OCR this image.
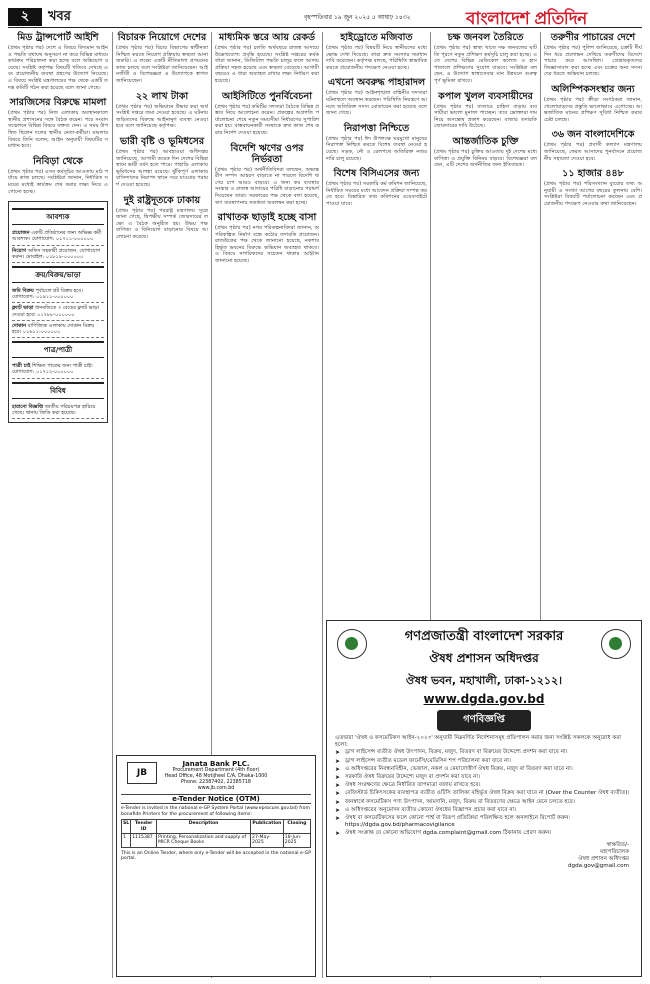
২	খবর	বৃহস্পতিবার ১৯ জুন ২০২৫ ৫ আষাঢ় ১৪৩২	বাংলাদেশ প্রতিদিন
মিড ট্রান্সপোর্ট আইশি
(প্রথম পৃষ্ঠার পর) দেশে এ বিষয়ে বিদ্যমান আইন ও পদ্ধতি যথাযথ অনুসরণ না করে বিভিন্ন মাধ্যমে কার্যক্রম পরিচালনা করা হচ্ছে বলে অভিযোগ রয়েছে। সংশ্লিষ্ট কর্তৃপক্ষ বিষয়টি খতিয়ে দেখছে এবং প্রয়োজনীয় ব্যবস্থা গ্রহণের উদ্যোগ নিয়েছে। এ বিষয়ে সংশ্লিষ্ট মন্ত্রণালয়ের পক্ষ থেকে একটি তদন্ত কমিটি গঠন করা হয়েছে বলে জানা গেছে।
সারজিসের বিরুদ্ধে মামলা
(প্রথম পৃষ্ঠার পর) নিজ এলাকায় অবস্থানকালে স্থানীয় প্রশাসনের সঙ্গে বৈঠক করেন। পরে সংবাদ সম্মেলনে বিভিন্ন বিষয়ে বক্তব্য দেন। এ সময় উপস্থিত ছিলেন দলের স্থানীয় নেতা-কর্মীরা। মামলার বিষয়ে তিনি বলেন, আইন অনুযায়ী বিষয়টির সমাধান হবে।
নিবিড়া থেকে
(প্রথম পৃষ্ঠার পর) এসব কর্মসূচির আওতায় মাঠ পর্যায়ে কাজ চলছে। সংশ্লিষ্টরা জানান, নির্ধারিত সময়ের মধ্যেই কার্যক্রম শেষ করার লক্ষ্য নিয়ে এগোনো হচ্ছে।
আবশ্যক
প্রয়োজন একটি প্রতিষ্ঠানের জন্য অভিজ্ঞ কর্মী আবশ্যক। যোগাযোগ: ০১৭১১-০০০০০০
নিয়োগ অফিস সহকারী প্রয়োজন, যোগাযোগ করুন। মোবাইল: ০১৮১৯-০০০০০০
ক্রয়/বিক্রয়/ভাড়া
জমি বিক্রয় পূর্বাচলে প্লট বিক্রয় হবে। যোগাযোগ: ০১৯১১-০০০০০০
ফ্ল্যাট ভাড়া ধানমন্ডিতে ৩ বেডের ফ্ল্যাট ভাড়া দেওয়া হবে। ০১৭৮৮-০০০০০০
দোকান বাণিজ্যিক এলাকায় দোকান বিক্রয় হবে। ০১৬১১-০০০০০০
পাত্র/পাত্রী
পাত্রী চাই শিক্ষিত পাত্রের জন্য পাত্রী চাই। যোগাযোগ: ০১৭১২-০০০০০০
বিবিধ
হারানো বিজ্ঞপ্তি জাতীয় পরিচয়পত্র হারিয়ে গেছে। থানায় জিডি করা হয়েছে।
বিচারক নিয়োগে দেশের
(প্রথম পৃষ্ঠার পর) বিচার বিভাগের স্বাধীনতা নিশ্চিত করতে নিয়োগ প্রক্রিয়ায় স্বচ্ছতা আনা জরুরি। এ লক্ষ্যে একটি নীতিমালা প্রণয়নের কাজ চলছে বলে সংশ্লিষ্টরা জানিয়েছেন। আইনজীবী ও বিশেষজ্ঞরা এ উদ্যোগকে স্বাগত জানিয়েছেন।
২২ লাখ টাকা
(প্রথম পৃষ্ঠার পর) অভিযানে উদ্ধার করা অর্থ সংশ্লিষ্ট দপ্তরে জমা দেওয়া হয়েছে। এ ঘটনায় জড়িতদের বিরুদ্ধে আইনানুগ ব্যবস্থা নেওয়া হবে বলে জানিয়েছে কর্তৃপক্ষ।
ভারী বৃষ্টি ও ভূমিধসের
(প্রথম পৃষ্ঠার পর) আবহাওয়া অধিদপ্তর জানিয়েছে, আগামী কয়েক দিন দেশের বিভিন্ন স্থানে ভারী বর্ষণ হতে পারে। পাহাড়ি এলাকায় ভূমিধসের আশঙ্কা রয়েছে। ঝুঁকিপূর্ণ এলাকার বাসিন্দাদের নিরাপদ স্থানে সরে যাওয়ার পরামর্শ দেওয়া হয়েছে।
দুই রাষ্ট্রদূতকে ঢাকায়
(প্রথম পৃষ্ঠার পর) পররাষ্ট্র মন্ত্রণালয় সূত্রে জানা গেছে, দ্বিপক্ষীয় সম্পর্ক জোরদারের লক্ষ্যে এ বৈঠক অনুষ্ঠিত হয়। উভয় পক্ষ বাণিজ্য ও বিনিয়োগ বাড়ানোর বিষয়ে আলোচনা করেছে।
মাধ্যমিক স্তরে আয় রেকর্ড
(প্রথম পৃষ্ঠার পর) চলতি অর্থবছরে রাজস্ব আদায়ে উল্লেখযোগ্য প্রবৃদ্ধি হয়েছে। সংশ্লিষ্ট দপ্তরের কর্মকর্তারা জানান, ডিজিটাল পদ্ধতি চালুর ফলে আদায় প্রক্রিয়া সহজ হয়েছে এবং স্বচ্ছতা বেড়েছে। আগামী বছরেও এ ধারা অব্যাহত রাখার লক্ষ্য নির্ধারণ করা হয়েছে।
আইসিটিতে পুনর্বিবেচনা
(প্রথম পৃষ্ঠার পর) কমিটির সদস্যরা বৈঠকে বিভিন্ন প্রস্তাব নিয়ে আলোচনা করেন। প্রকল্পের অগ্রগতি পর্যালোচনা শেষে নতুন সময়সীমা নির্ধারণের সুপারিশ করা হয়। বাস্তবায়নকারী সংস্থাকে দ্রুত কাজ শেষ করার নির্দেশ দেওয়া হয়েছে।
বিদেশি ঋণের ওপর নির্ভরতা
(প্রথম পৃষ্ঠার পর) অর্থনীতিবিদরা বলছেন, অভ্যন্তরীণ সম্পদ আহরণ বাড়াতে না পারলে বিদেশি ঋণের চাপ আরও বাড়বে। এ জন্য কর ব্যবস্থার সংস্কার ও রাজস্ব আদায়ের পরিধি বাড়ানোর পরামর্শ দিয়েছেন তারা। সরকারের পক্ষ থেকে বলা হয়েছে, ঋণ ব্যবস্থাপনায় সতর্কতা অবলম্বন করা হচ্ছে।
রাখাতক ছাড়াই হচ্ছে বাসা
(প্রথম পৃষ্ঠার পর) নগর পরিকল্পনাবিদরা জানান, অপরিকল্পিত নির্মাণ বন্ধে কঠোর তদারকি প্রয়োজন। রাজউকের পক্ষ থেকে জানানো হয়েছে, নকশাবহির্ভূত ভবনের বিরুদ্ধে অভিযান অব্যাহত থাকবে। এ বিষয়ে নাগরিকদের সচেতন থাকার আহ্বান জানানো হয়েছে।
হাইড্রোতে মজিবাত
(প্রথম পৃষ্ঠার পর) বিষয়টি নিয়ে স্থানীয়দের মধ্যে ক্ষোভ দেখা দিয়েছে। তারা দ্রুত সমস্যার সমাধান দাবি করেছেন। কর্তৃপক্ষ বলছে, পরিস্থিতি স্বাভাবিক করতে প্রয়োজনীয় পদক্ষেপ নেওয়া হচ্ছে।
এখনো অবরুদ্ধ পাহারাদল
(প্রথম পৃষ্ঠার পর) আইনশৃঙ্খলা বাহিনীর সদস্যরা ঘটনাস্থলে অবস্থান করছেন। পরিস্থিতি নিয়ন্ত্রণে আনতে অতিরিক্ত সদস্য মোতায়েন করা হয়েছে বলে জানা গেছে।
নিরাপত্তা নিশ্চিতে
(প্রথম পৃষ্ঠার পর) ঈদ উপলক্ষে ঘরমুখো মানুষের নিরাপত্তা নিশ্চিত করতে বিশেষ ব্যবস্থা নেওয়া হয়েছে। সড়ক, নৌ ও রেলপথে অতিরিক্ত নজরদারি চালু রয়েছে।
বিশেষ বিসিএসের জন্য
(প্রথম পৃষ্ঠার পর) সরকারি কর্ম কমিশন জানিয়েছে, নির্ধারিত সময়ের মধ্যে আবেদন প্রক্রিয়া সম্পন্ন করতে হবে। বিস্তারিত তথ্য কমিশনের ওয়েবসাইটে পাওয়া যাবে।
চক্ষ জনবল তৈরিতে
(প্রথম পৃষ্ঠার পর) স্বাস্থ্য খাতে দক্ষ জনবলের ঘাটতি পূরণে নতুন প্রশিক্ষণ কর্মসূচি চালু করা হচ্ছে। এতে দেশের বিভিন্ন মেডিকেল কলেজ ও হাসপাতালে প্রশিক্ষণের সুযোগ বাড়বে। সংশ্লিষ্টরা বলছেন, এ উদ্যোগ স্বাস্থ্যসেবার মান উন্নয়নে গুরুত্বপূর্ণ ভূমিকা রাখবে।
কপাল খুলল ব্যবসায়ীদের
(প্রথম পৃষ্ঠার পর) বাজারে চাহিদা বাড়ায় ব্যবসায়ীরা ভালো মুনাফা পাচ্ছেন। তবে ভোক্তারা দাম নিয়ে অসন্তোষ প্রকাশ করেছেন। বাজার তদারকি জোরদারের দাবি উঠেছে।
আন্তর্জাতিক চুক্তি
(প্রথম পৃষ্ঠার পর) চুক্তির আওতায় দুই দেশের মধ্যে বাণিজ্য ও প্রযুক্তি বিনিময় বাড়বে। বিশেষজ্ঞরা বলছেন, এটি দেশের অর্থনীতির জন্য ইতিবাচক।
তরুণীর পাচারের দেশে
(প্রথম পৃষ্ঠার পর) পুলিশ জানিয়েছে, চক্রটি দীর্ঘদিন ধরে প্রলোভন দেখিয়ে তরুণীদের বিদেশে পাচার করে আসছিল। গ্রেপ্তারকৃতদের জিজ্ঞাসাবাদ করা হচ্ছে এবং চক্রের অন্য সদস্যদের ধরতে অভিযান চলছে।
অলিম্পিকসংস্থার জন্য
(প্রথম পৃষ্ঠার পর) ক্রীড়া সংগঠকরা জানান, খেলোয়াড়দের প্রস্তুতি ভালোভাবে এগোচ্ছে। আন্তর্জাতিক মানের প্রশিক্ষণ সুবিধা নিশ্চিত করার চেষ্টা চলছে।
৩৬ জন বাংলাদেশিকে
(প্রথম পৃষ্ঠার পর) প্রবাসী কল্যাণ মন্ত্রণালয় জানিয়েছে, ফেরত আসাদের পুনর্বাসনে প্রয়োজনীয় সহায়তা দেওয়া হবে।
১১ হাজার ৪৪৮
(প্রথম পৃষ্ঠার পর) পরিসংখ্যান ব্যুরোর তথ্য অনুযায়ী এ সংখ্যা আগের বছরের তুলনায় বেশি। সংশ্লিষ্টরা বিষয়টি পর্যালোচনা করছেন এবং প্রয়োজনীয় পদক্ষেপ নেওয়ার কথা জানিয়েছেন।
JB
Janata Bank PLC.
Procurement Department (4th floor)
Head Office, 48 Motijheel C/A, Dhaka-1000
Phone: 22387402, 22385718
www.jb.com.bd
e-Tender Notice (OTM)
e-Tender is invited in the national e-GP System Portal (www.eprocure.gov.bd) from bonafide Printers for the procurement of following items:
SL	Tender ID	Description	Publication	Closing
1	1115387	Printing, Personalization and supply of MICR Cheque Books	27-May-2025	18-Jun-2025
This is an Online Tender, where only e-Tender will be accepted in the national e-GP portal.
গণপ্রজাতন্ত্রী বাংলাদেশ সরকার
ঔষধ প্রশাসন অধিদপ্তর
ঔষধ ভবন, মহাখালী, ঢাকা-১২১২।
www.dgda.gov.bd
গণবিজ্ঞপ্তি
এতদ্বারা 'ঔষধ ও কসমেটিকস আইন-২০২৩' অনুযায়ী নিম্নবর্ণিত নির্দেশনাসমূহ প্রতিপালন করার জন্য সংশ্লিষ্ট সকলকে অনুরোধ করা হলো:
➤ ড্রাগ লাইসেন্স ব্যতীত ঔষধ উৎপাদন, বিক্রয়, মজুদ, বিতরণ বা বিক্রয়ের উদ্দেশ্যে প্রদর্শন করা যাবে না।
➤ ড্রাগ লাইসেন্স ব্যতীত মডেল ফার্মেসি/মেডিসিন শপ পরিচালনা করা যাবে না।
➤ এ অধিদপ্তরের নিবন্ধনবিহীন, ভেজাল, নকল ও মেয়াদোত্তীর্ণ ঔষধ বিক্রয়, মজুদ বা বিতরণ করা যাবে না।
➤ সরকারি ঔষধ বিক্রয়ের উদ্দেশ্যে মজুদ বা প্রদর্শন করা যাবে না।
➤ ঔষধ সংরক্ষণের ক্ষেত্রে নির্ধারিত তাপমাত্রা বজায় রাখতে হবে।
➤ রেজিস্টার্ড চিকিৎসকের ব্যবস্থাপত্র ব্যতীত ওটিসি তালিকা বহির্ভূত ঔষধ বিক্রয় করা যাবে না (Over the Counter ঔষধ ব্যতীত)।
➤ জনস্বার্থে কসমেটিকস পণ্য উৎপাদন, আমদানি, মজুদ, বিক্রয় বা বিতরণের ক্ষেত্রে আইন মেনে চলতে হবে।
➤ এ অধিদপ্তরের অনুমোদন ব্যতীত কোনো ঔষধের বিজ্ঞাপন প্রচার করা যাবে না।
➤ ঔষধ বা কসমেটিকসের ফলে কোনো পার্শ্ব বা বিরূপ প্রতিক্রিয়া পরিলক্ষিত হলে অনলাইনে রিপোর্ট করুন: https://dgda.gov.bd/pharmacovigilance
➤ ঔষধ সংক্রান্ত যে কোনো অভিযোগ dgda.complaint@gmail.com ঠিকানায় প্রেরণ করুন।
স্বাক্ষরিত/-
মহাপরিচালক
ঔষধ প্রশাসন অধিদপ্তর
dgda.gov@gmail.com
